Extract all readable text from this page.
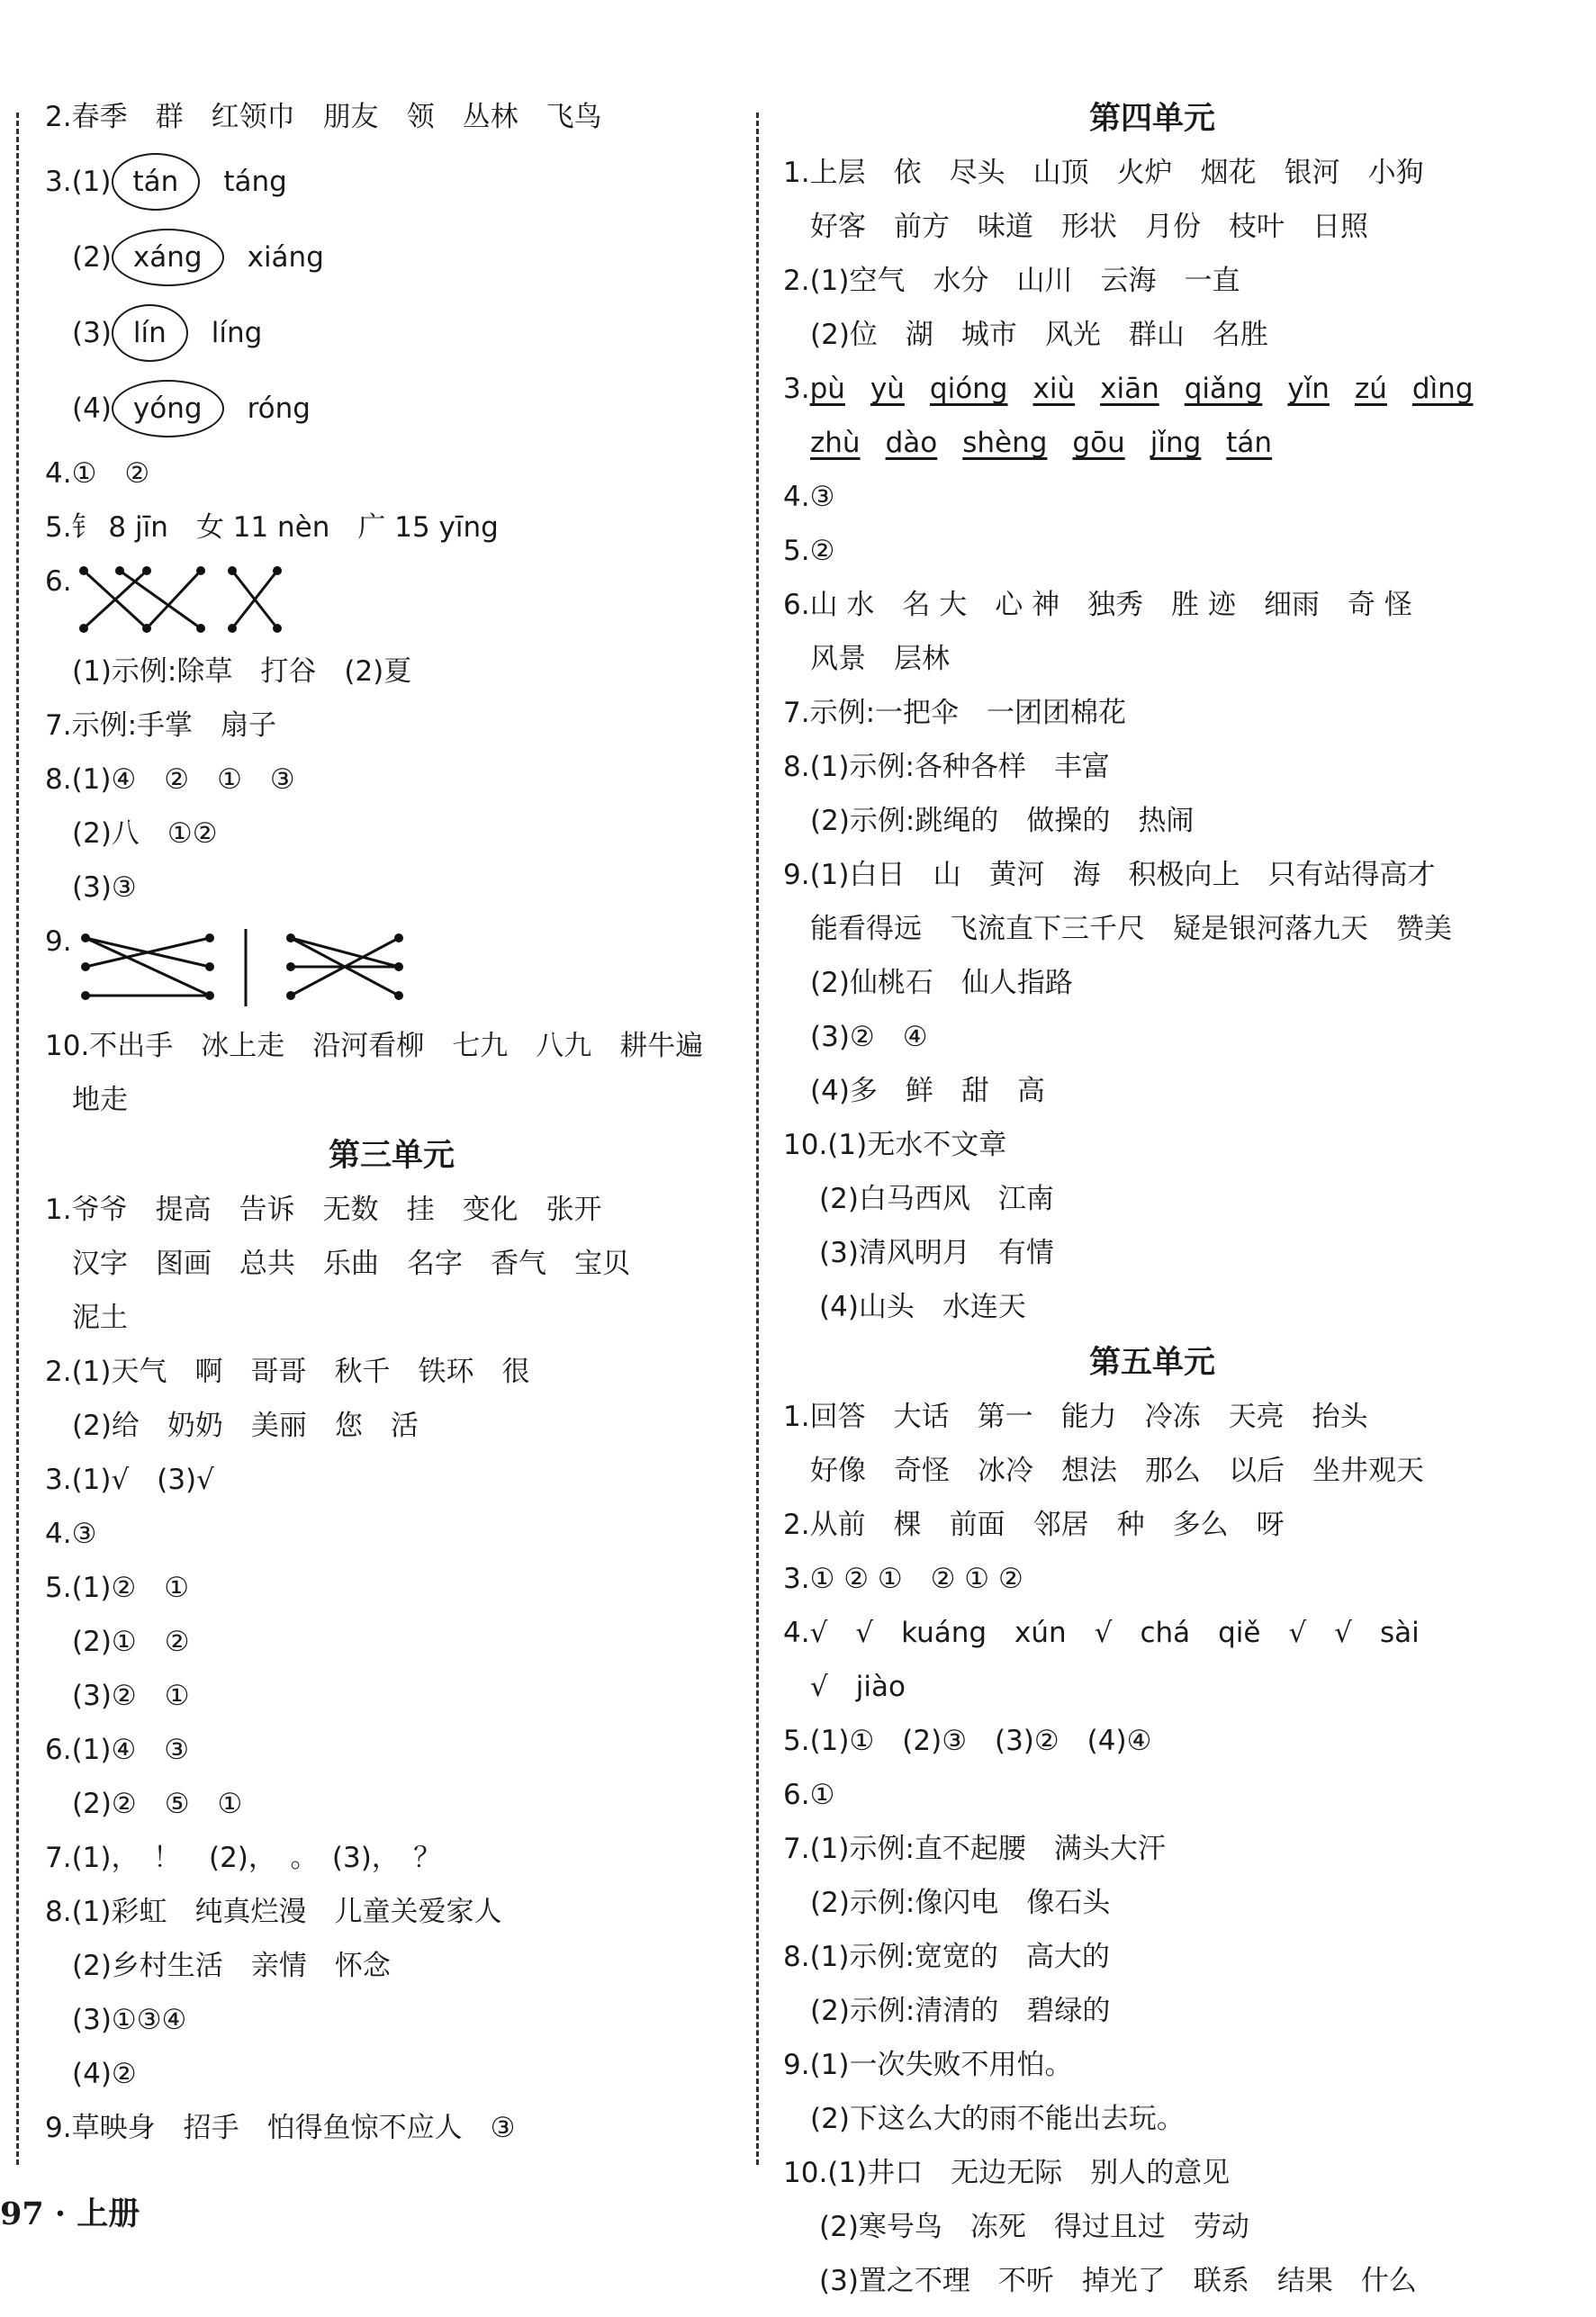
2.春季　群　红领巾　朋友　领　丛林　飞鸟
3.(1) tán táng
(2) xáng xiáng
(3) lín líng
(4) yóng róng
4.①　②
5.钅 8 jīn　女 11 nèn　广 15 yīng
6.
(1)示例:除草　打谷　(2)夏
7.示例:手掌　扇子
8.(1)④　②　①　③
(2)八　①②
(3)③
9.
10.不出手　冰上走　沿河看柳　七九　八九　耕牛遍
地走
第三单元
1.爷爷　提高　告诉　无数　挂　变化　张开
汉字　图画　总共　乐曲　名字　香气　宝贝
泥土
2.(1)天气　啊　哥哥　秋千　铁环　很
(2)给　奶奶　美丽　您　活
3.(1)√　(3)√
4.③
5.(1)②　①
(2)①　②
(3)②　①
6.(1)④　③
(2)②　⑤　①
7.(1)，　！　(2)，　。　(3)，　？
8.(1)彩虹　纯真烂漫　儿童关爱家人
(2)乡村生活　亲情　怀念
(3)①③④
(4)②
9.草映身　招手　怕得鱼惊不应人　③
第四单元
1.上层　依　尽头　山顶　火炉　烟花　银河　小狗
好客　前方　味道　形状　月份　枝叶　日照
2.(1)空气　水分　山川　云海　一直
(2)位　湖　城市　风光　群山　名胜
3.pù yù qióng xiù xiān qiǎng yǐn zú dìng
zhù dào shèng gōu jǐng tán
4.③
5.②
6.山 水　名 大　心 神　独秀　胜 迹　细雨　奇 怪
风景　层林
7.示例:一把伞　一团团棉花
8.(1)示例:各种各样　丰富
(2)示例:跳绳的　做操的　热闹
9.(1)白日　山　黄河　海　积极向上　只有站得高才
能看得远　飞流直下三千尺　疑是银河落九天　赞美
(2)仙桃石　仙人指路
(3)②　④
(4)多　鲜　甜　高
10.(1)无水不文章
(2)白马西风　江南
(3)清风明月　有情
(4)山头　水连天
第五单元
1.回答　大话　第一　能力　冷冻　天亮　抬头
好像　奇怪　冰冷　想法　那么　以后　坐井观天
2.从前　棵　前面　邻居　种　多么　呀
3.① ② ①　② ① ②
4.√　√　kuáng　xún　√　chá　qiě　√　√　sài
√　jiào
5.(1)①　(2)③　(3)②　(4)④
6.①
7.(1)示例:直不起腰　满头大汗
(2)示例:像闪电　像石头
8.(1)示例:宽宽的　高大的
(2)示例:清清的　碧绿的
9.(1)一次失败不用怕。
(2)下这么大的雨不能出去玩。
10.(1)井口　无边无际　别人的意见
(2)寒号鸟　冻死　得过且过　劳动
(3)置之不理　不听　掉光了　联系　结果　什么
97 · 上册
